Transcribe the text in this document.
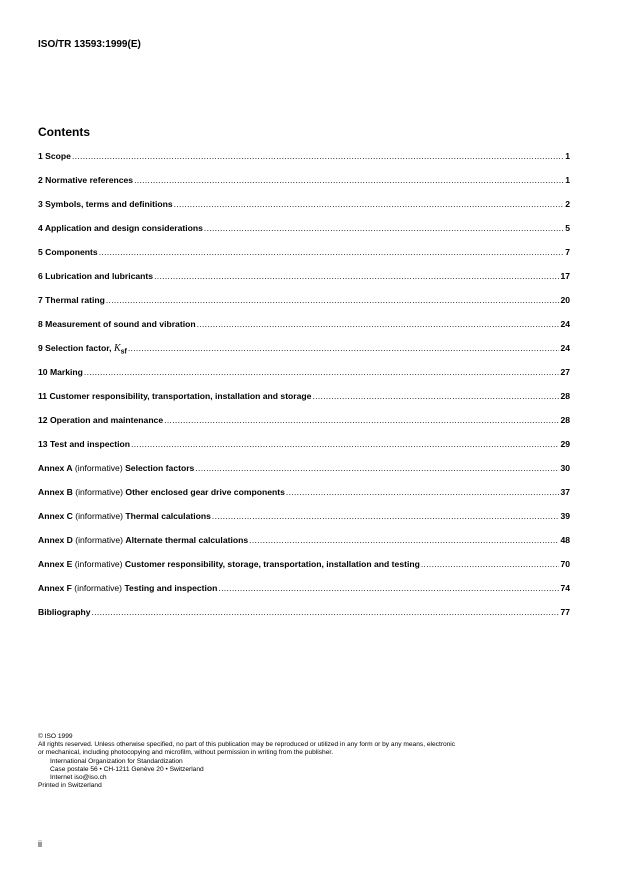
ISO/TR 13593:1999(E)
Contents
1 Scope .....	1
2 Normative references .....	1
3 Symbols, terms and definitions .....	2
4 Application and design considerations .....	5
5 Components .....	7
6 Lubrication and lubricants .....	17
7 Thermal rating .....	20
8 Measurement of sound and vibration .....	24
9 Selection factor, $K_{sf}$ .....	24
10 Marking .....	27
11 Customer responsibility, transportation, installation and storage .....	28
12 Operation and maintenance .....	28
13 Test and inspection .....	29
Annex A (informative) Selection factors .....	30
Annex B (informative) Other enclosed gear drive components .....	37
Annex C (informative) Thermal calculations .....	39
Annex D (informative) Alternate thermal calculations .....	48
Annex E (informative) Customer responsibility, storage, transportation, installation and testing .....	70
Annex F (informative) Testing and inspection .....	74
Bibliography .....	77
© ISO 1999
All rights reserved. Unless otherwise specified, no part of this publication may be reproduced or utilized in any form or by any means, electronic
or mechanical, including photocopying and microfilm, without permission in writing from the publisher.
International Organization for Standardization
Case postale 56 • CH-1211 Genève 20 • Switzerland
Internet iso@iso.ch
Printed in Switzerland
ii
